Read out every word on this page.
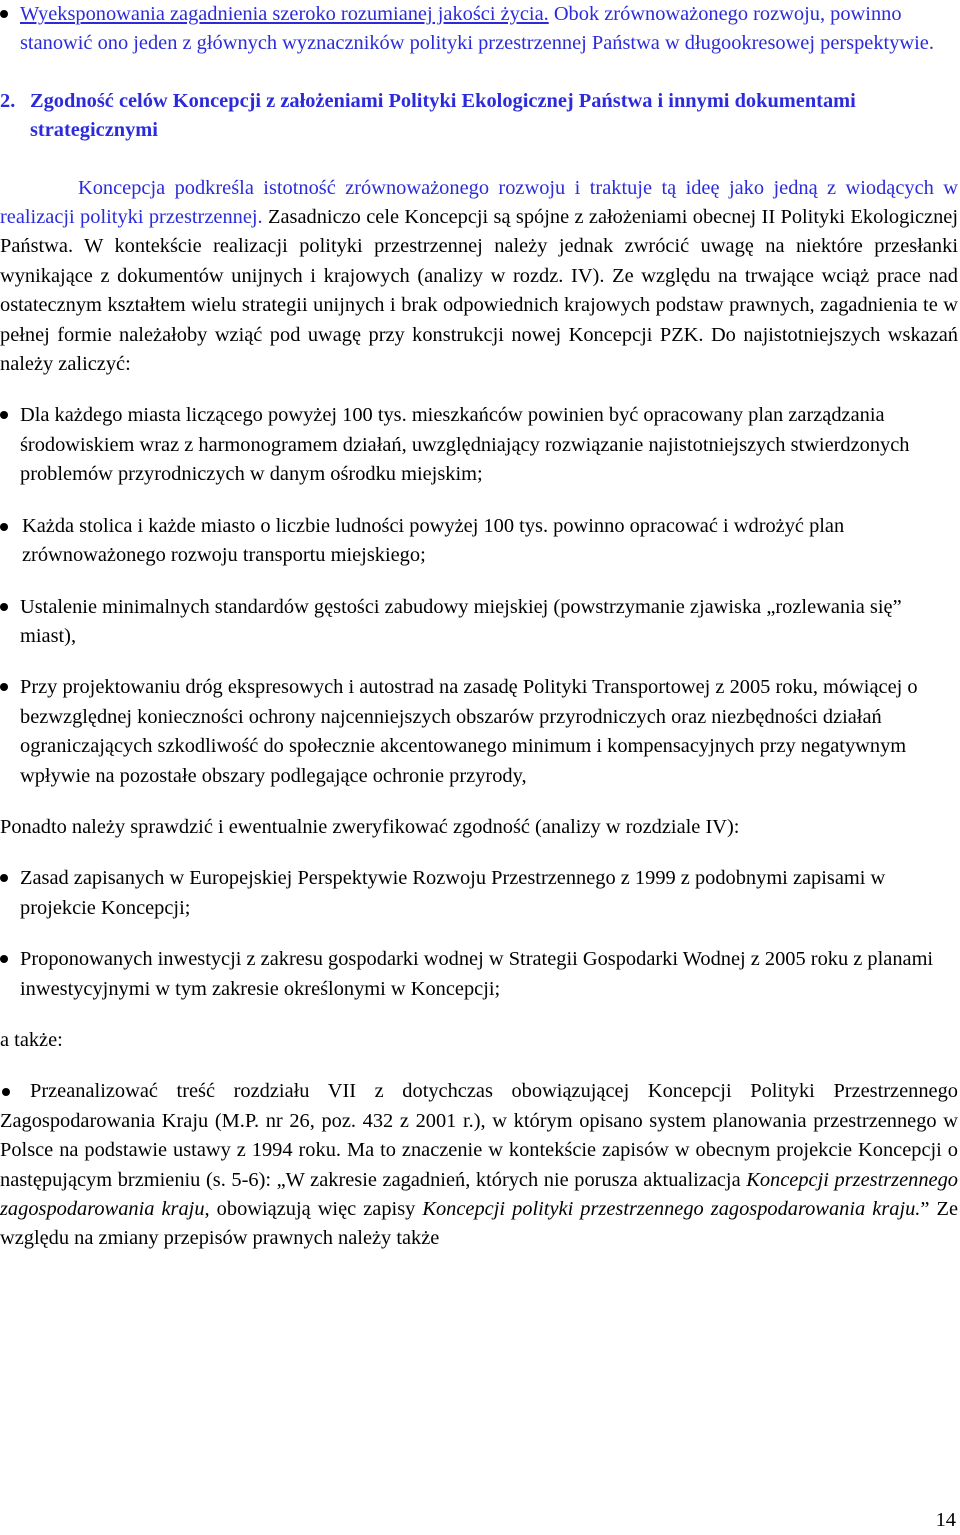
Wyeksponowania zagadnienia szeroko rozumianej jakości życia. Obok zrównoważonego rozwoju, powinno stanowić ono jeden z głównych wyznaczników polityki przestrzennej Państwa w długookresowej perspektywie.
2. Zgodność celów Koncepcji z założeniami Polityki Ekologicznej Państwa i innymi dokumentami strategicznymi
Koncepcja podkreśla istotność zrównoważonego rozwoju i traktuje tą ideę jako jedną z wiodących w realizacji polityki przestrzennej. Zasadniczo cele Koncepcji są spójne z założeniami obecnej II Polityki Ekologicznej Państwa. W kontekście realizacji polityki przestrzennej należy jednak zwrócić uwagę na niektóre przesłanki wynikające z dokumentów unijnych i krajowych (analizy w rozdz. IV). Ze względu na trwające wciąż prace nad ostatecznym kształtem wielu strategii unijnych i brak odpowiednich krajowych podstaw prawnych, zagadnienia te w pełnej formie należałoby wziąć pod uwagę przy konstrukcji nowej Koncepcji PZK. Do najistotniejszych wskazań należy zaliczyć:
Dla każdego miasta liczącego powyżej 100 tys. mieszkańców powinien być opracowany plan zarządzania środowiskiem wraz z harmonogramem działań, uwzględniający rozwiązanie najistotniejszych stwierdzonych problemów przyrodniczych w danym ośrodku miejskim;
Każda stolica i każde miasto o liczbie ludności powyżej 100 tys. powinno opracować i wdrożyć plan zrównoważonego rozwoju transportu miejskiego;
Ustalenie minimalnych standardów gęstości zabudowy miejskiej (powstrzymanie zjawiska „rozlewania się” miast),
Przy projektowaniu dróg ekspresowych i autostrad na zasadę Polityki Transportowej z 2005 roku, mówiącej o bezwzględnej konieczności ochrony najcenniejszych obszarów przyrodniczych oraz niezbędności działań ograniczających szkodliwość do społecznie akcentowanego minimum i kompensacyjnych przy negatywnym wpływie na pozostałe obszary podlegające ochronie przyrody,
Ponadto należy sprawdzić i ewentualnie zweryfikować zgodność (analizy w rozdziale IV):
Zasad zapisanych w Europejskiej Perspektywie Rozwoju Przestrzennego z 1999 z podobnymi zapisami w projekcie Koncepcji;
Proponowanych inwestycji z zakresu gospodarki wodnej w Strategii Gospodarki Wodnej z 2005 roku z planami inwestycyjnymi w tym zakresie określonymi w Koncepcji;
a także:
Przeanalizować treść rozdziału VII z dotychczas obowiązującej Koncepcji Polityki Przestrzennego Zagospodarowania Kraju (M.P. nr 26, poz. 432 z 2001 r.), w którym opisano system planowania przestrzennego w Polsce na podstawie ustawy z 1994 roku. Ma to znaczenie w kontekście zapisów w obecnym projekcie Koncepcji o następującym brzmieniu (s. 5-6): „W zakresie zagadnień, których nie porusza aktualizacja Koncepcji przestrzennego zagospodarowania kraju, obowiązują więc zapisy Koncepcji polityki przestrzennego zagospodarowania kraju.” Ze względu na zmiany przepisów prawnych należy także
14
